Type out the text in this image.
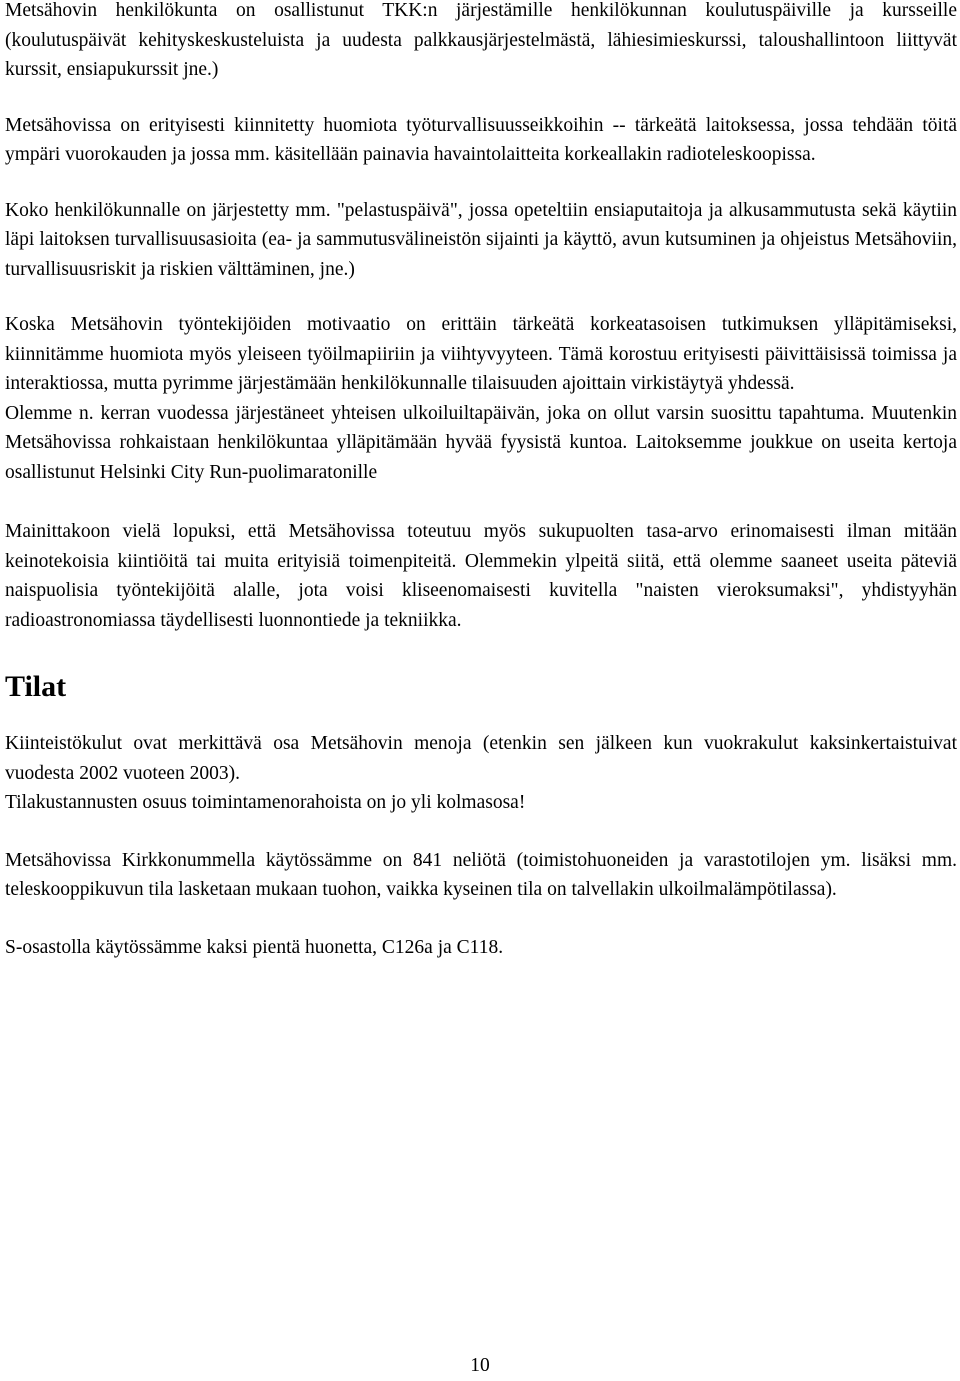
Metsähovin henkilökunta on osallistunut TKK:n järjestämille henkilökunnan koulutuspäiville ja kursseille (koulutuspäivät kehityskeskusteluista ja uudesta palkkausjärjestelmästä, lähiesimieskurssi, taloushallintoon liittyvät kurssit, ensiapukurssit jne.)

Metsähovissa on erityisesti kiinnitetty huomiota työturvallisuusseikkoihin -- tärkeätä laitoksessa, jossa tehdään töitä ympäri vuorokauden ja jossa mm. käsitellään painavia havaintolaitteita korkeallakin radioteleskoopissa.

Koko henkilökunnalle on järjestetty mm. "pelastuspäivä", jossa opeteltiin ensiaputaitoja ja alkusammutusta sekä käytiin läpi laitoksen turvallisuusasioita (ea- ja sammutusvälineistön sijainti ja käyttö, avun kutsuminen ja ohjeistus Metsähoviin, turvallisuusriskit ja riskien välttäminen, jne.)

Koska Metsähovin työntekijöiden motivaatio on erittäin tärkeätä korkeatasoisen tutkimuksen ylläpitämiseksi, kiinnitämme huomiota myös yleiseen työilmapiiriin ja viihtyvyyteen. Tämä korostuu erityisesti päivittäisissä toimissa ja interaktiossa, mutta pyrimme järjestämään henkilökunnalle tilaisuuden ajoittain virkistäytyä yhdessä.

Olemme n. kerran vuodessa järjestäneet yhteisen ulkoiluiltapäivän, joka on ollut varsin suosittu tapahtuma. Muutenkin Metsähovissa rohkaistaan henkilökuntaa ylläpitämään hyvää fyysistä kuntoa. Laitoksemme joukkue on useita kertoja osallistunut Helsinki City Run-puolimaratonille

Mainittakoon vielä lopuksi, että Metsähovissa toteutuu myös sukupuolten tasa-arvo erinomaisesti ilman mitään keinotekoisia kiintiöitä tai muita erityisiä toimenpiteitä. Olemmekin ylpeitä siitä, että olemme saaneet useita päteviä naispuolisia työntekijöitä alalle, jota voisi kliseenomaisesti kuvitella "naisten vieroksumaksi", yhdistyyhän radioastronomiassa täydellisesti luonnontiede ja tekniikka.

Tilat

Kiinteistökulut ovat merkittävä osa Metsähovin menoja (etenkin sen jälkeen kun vuokrakulut kaksinkertaistuivat vuodesta 2002 vuoteen 2003).

Tilakustannusten osuus toimintamenorahoista on jo yli kolmasosa!

Metsähovissa Kirkkonummella käytössämme on 841 neliötä (toimistohuoneiden ja varastotilojen ym. lisäksi mm. teleskooppikuvun tila lasketaan mukaan tuohon, vaikka kyseinen tila on talvellakin ulkoilmalämpötilassa).

S-osastolla käytössämme kaksi pientä huonetta, C126a ja C118.

10
